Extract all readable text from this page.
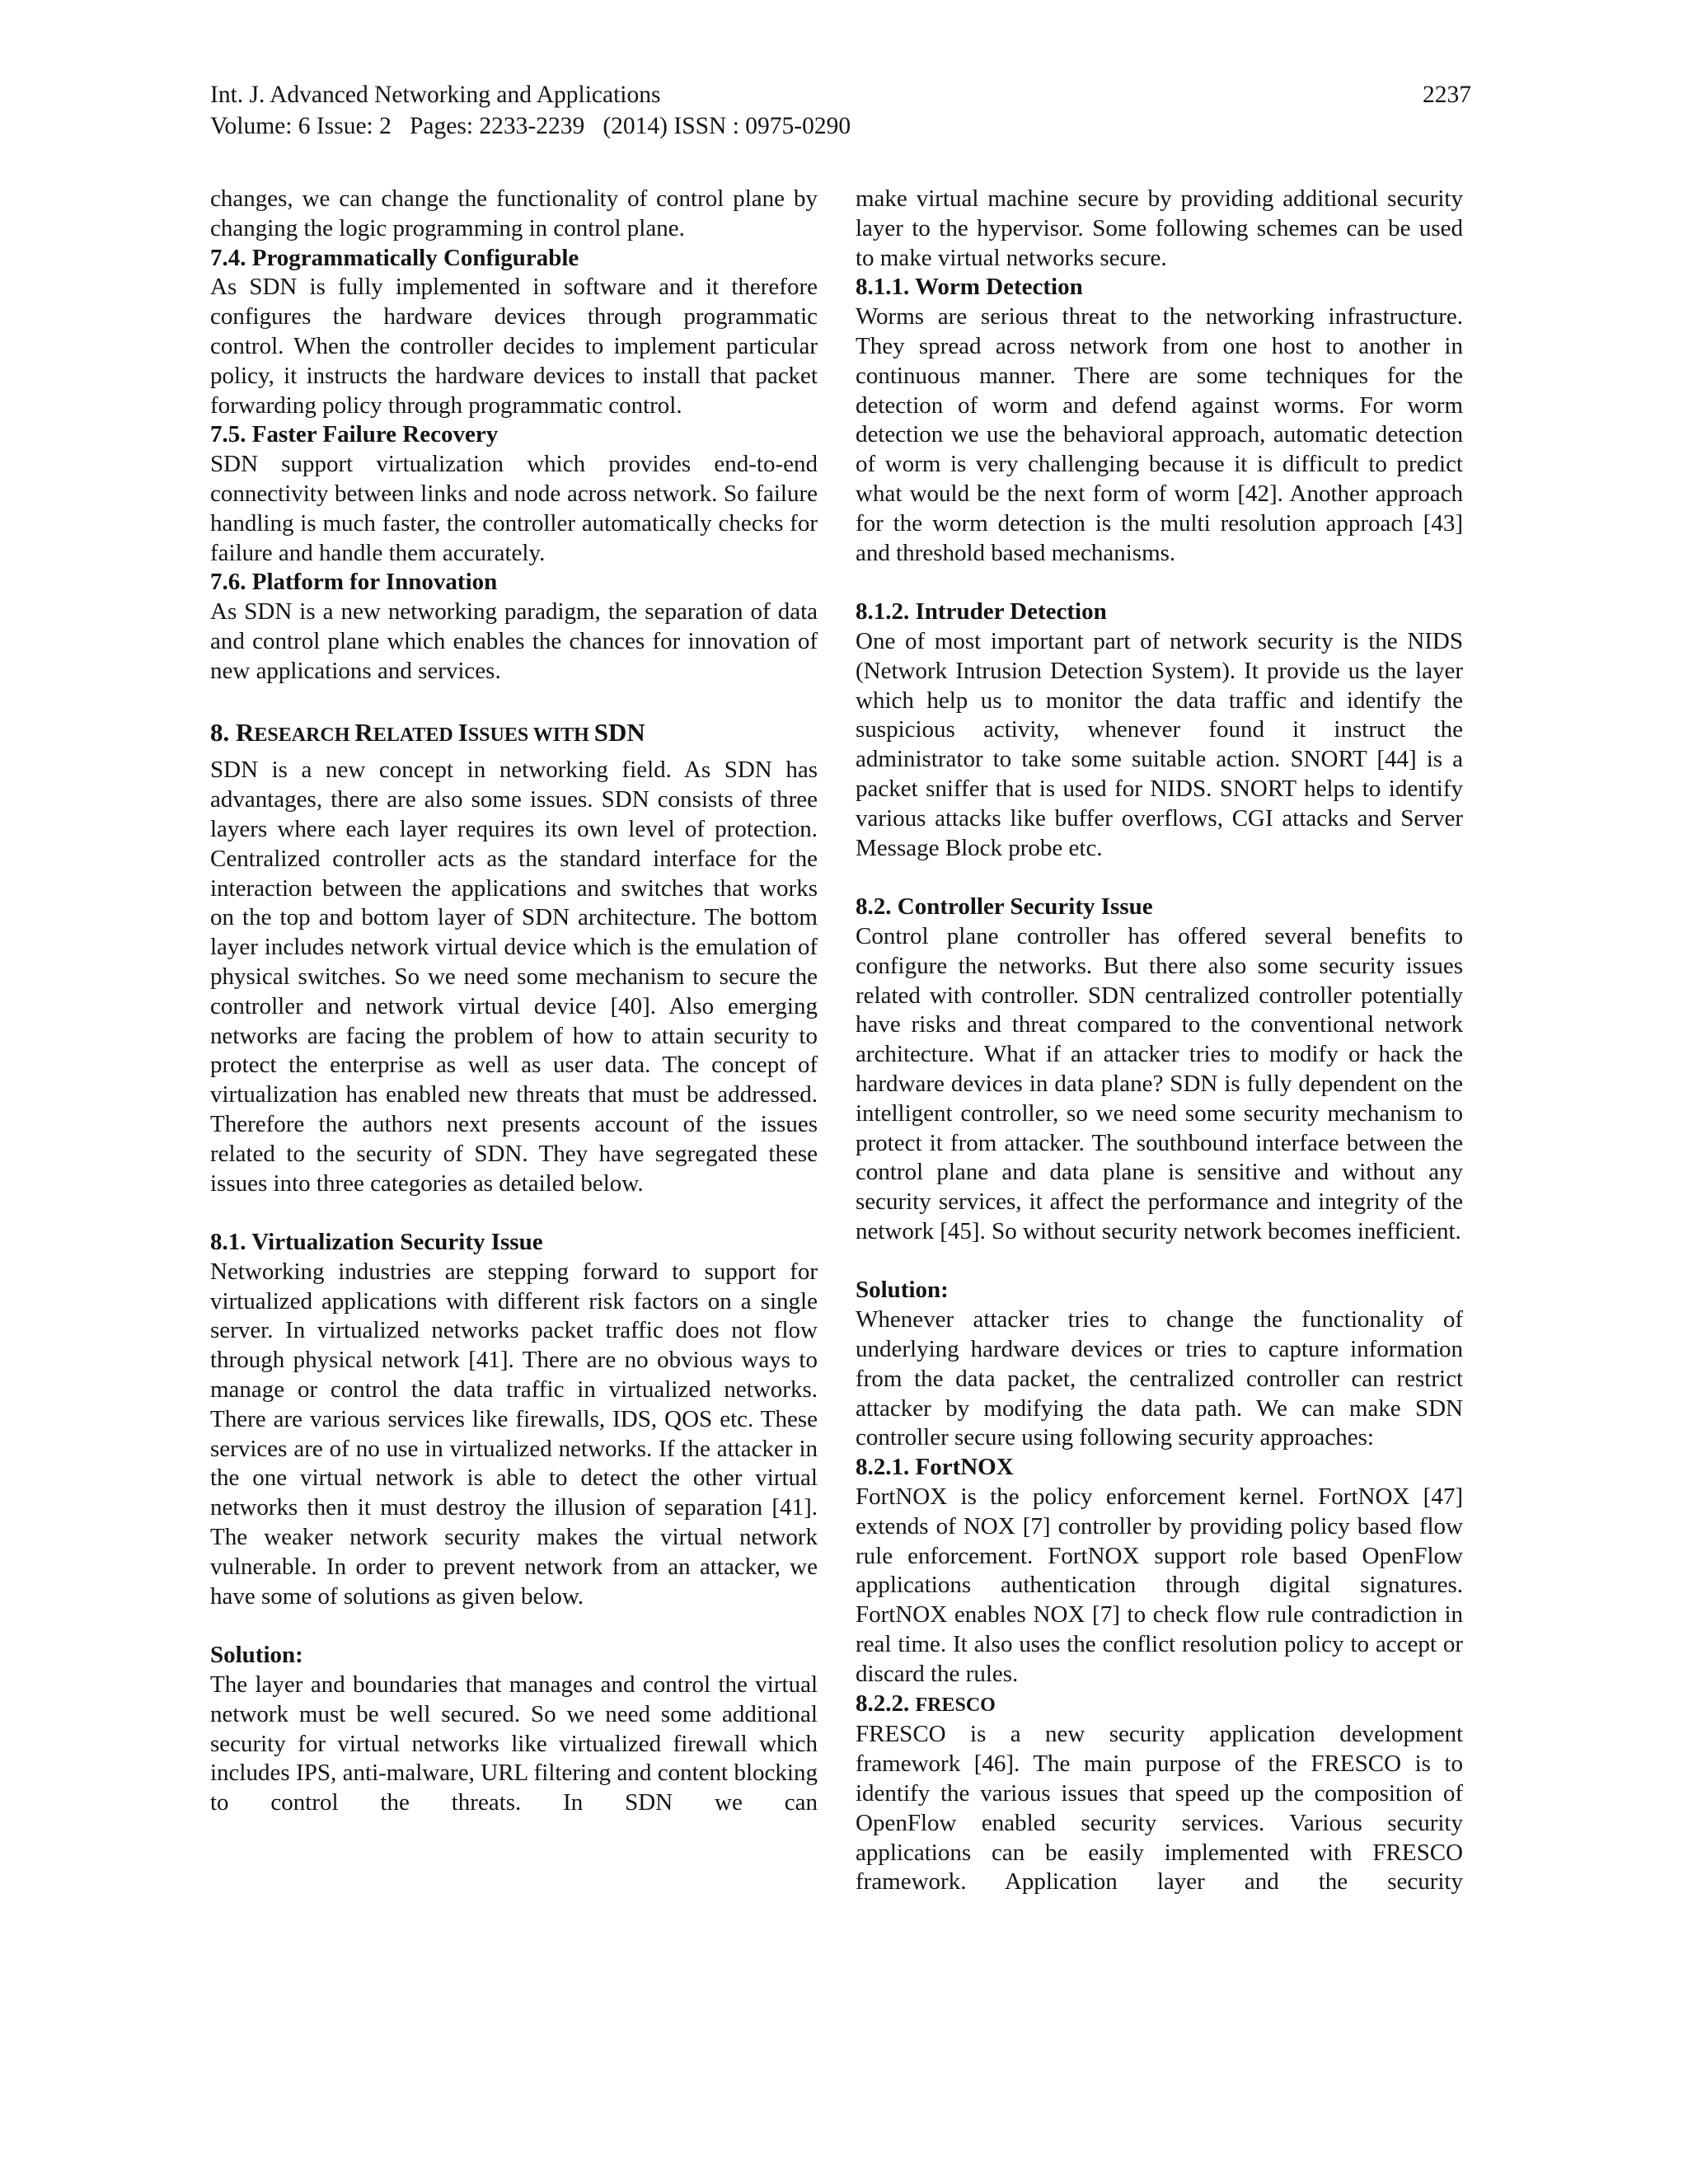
Int. J. Advanced Networking and Applications	2237
Volume: 6 Issue: 2   Pages: 2233-2239   (2014) ISSN : 0975-0290

changes, we can change the functionality of control plane by changing the logic programming in control plane.

7.4. Programmatically Configurable

As SDN is fully implemented in software and it therefore configures the hardware devices through programmatic control. When the controller decides to implement particular policy, it instructs the hardware devices to install that packet forwarding policy through programmatic control.

7.5. Faster Failure Recovery

SDN support virtualization which provides end-to-end connectivity between links and node across network. So failure handling is much faster, the controller automatically checks for failure and handle them accurately.

7.6. Platform for Innovation

As SDN is a new networking paradigm, the separation of data and control plane which enables the chances for innovation of new applications and services.

8. RESEARCH RELATED ISSUES WITH SDN

SDN is a new concept in networking field. As SDN has advantages, there are also some issues. SDN consists of three layers where each layer requires its own level of protection. Centralized controller acts as the standard interface for the interaction between the applications and switches that works on the top and bottom layer of SDN architecture. The bottom layer includes network virtual device which is the emulation of physical switches. So we need some mechanism to secure the controller and network virtual device [40]. Also emerging networks are facing the problem of how to attain security to protect the enterprise as well as user data. The concept of virtualization has enabled new threats that must be addressed. Therefore the authors next presents account of the issues related to the security of SDN. They have segregated these issues into three categories as detailed below.

8.1. Virtualization Security Issue

Networking industries are stepping forward to support for virtualized applications with different risk factors on a single server. In virtualized networks packet traffic does not flow through physical network [41]. There are no obvious ways to manage or control the data traffic in virtualized networks. There are various services like firewalls, IDS, QOS etc. These services are of no use in virtualized networks. If the attacker in the one virtual network is able to detect the other virtual networks then it must destroy the illusion of separation [41]. The weaker network security makes the virtual network vulnerable. In order to prevent network from an attacker, we have some of solutions as given below.

Solution:

The layer and boundaries that manages and control the virtual network must be well secured. So we need some additional security for virtual networks like virtualized firewall which includes IPS, anti-malware, URL filtering and content blocking to control the threats. In SDN we can

make virtual machine secure by providing additional security layer to the hypervisor. Some following schemes can be used to make virtual networks secure.

8.1.1. Worm Detection

Worms are serious threat to the networking infrastructure. They spread across network from one host to another in continuous manner. There are some techniques for the detection of worm and defend against worms. For worm detection we use the behavioral approach, automatic detection of worm is very challenging because it is difficult to predict what would be the next form of worm [42]. Another approach for the worm detection is the multi resolution approach [43] and threshold based mechanisms.

8.1.2. Intruder Detection

One of most important part of network security is the NIDS (Network Intrusion Detection System). It provide us the layer which help us to monitor the data traffic and identify the suspicious activity, whenever found it instruct the administrator to take some suitable action. SNORT [44] is a packet sniffer that is used for NIDS. SNORT helps to identify various attacks like buffer overflows, CGI attacks and Server Message Block probe etc.

8.2. Controller Security Issue

Control plane controller has offered several benefits to configure the networks. But there also some security issues related with controller. SDN centralized controller potentially have risks and threat compared to the conventional network architecture. What if an attacker tries to modify or hack the hardware devices in data plane? SDN is fully dependent on the intelligent controller, so we need some security mechanism to protect it from attacker. The southbound interface between the control plane and data plane is sensitive and without any security services, it affect the performance and integrity of the network [45]. So without security network becomes inefficient.

Solution:

Whenever attacker tries to change the functionality of underlying hardware devices or tries to capture information from the data packet, the centralized controller can restrict attacker by modifying the data path. We can make SDN controller secure using following security approaches:

8.2.1. FortNOX

FortNOX is the policy enforcement kernel. FortNOX [47] extends of NOX [7] controller by providing policy based flow rule enforcement. FortNOX support role based OpenFlow applications authentication through digital signatures. FortNOX enables NOX [7] to check flow rule contradiction in real time. It also uses the conflict resolution policy to accept or discard the rules.

8.2.2. FRESCO

FRESCO is a new security application development framework [46]. The main purpose of the FRESCO is to identify the various issues that speed up the composition of OpenFlow enabled security services. Various security applications can be easily implemented with FRESCO framework. Application layer and the security
